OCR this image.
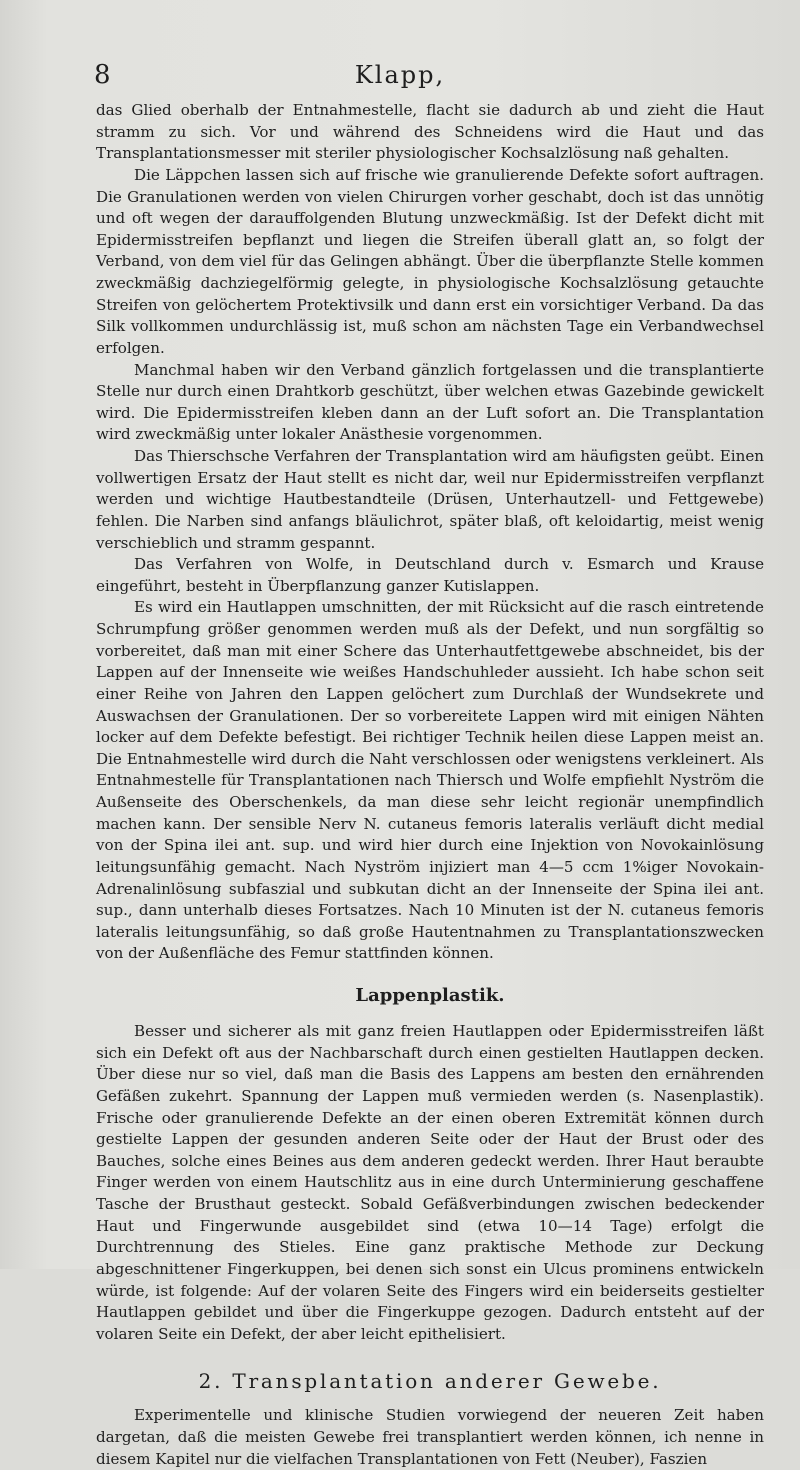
8	Klapp,

das Glied oberhalb der Entnahmestelle, flacht sie dadurch ab und zieht die Haut stramm zu sich. Vor und während des Schneidens wird die Haut und das Transplantationsmesser mit steriler physiologischer Kochsalzlösung naß gehalten.

Die Läppchen lassen sich auf frische wie granulierende Defekte sofort auftragen. Die Granulationen werden von vielen Chirurgen vorher geschabt, doch ist das unnötig und oft wegen der darauffolgenden Blutung unzweckmäßig. Ist der Defekt dicht mit Epidermisstreifen bepflanzt und liegen die Streifen überall glatt an, so folgt der Verband, von dem viel für das Gelingen abhängt. Über die überpflanzte Stelle kommen zweckmäßig dachziegelförmig gelegte, in physiologische Kochsalzlösung getauchte Streifen von gelöchertem Protektivsilk und dann erst ein vorsichtiger Verband. Da das Silk vollkommen undurchlässig ist, muß schon am nächsten Tage ein Verbandwechsel erfolgen.

Manchmal haben wir den Verband gänzlich fortgelassen und die transplantierte Stelle nur durch einen Drahtkorb geschützt, über welchen etwas Gazebinde gewickelt wird. Die Epidermisstreifen kleben dann an der Luft sofort an. Die Transplantation wird zweckmäßig unter lokaler Anästhesie vorgenommen.

Das Thierschsche Verfahren der Transplantation wird am häufigsten geübt. Einen vollwertigen Ersatz der Haut stellt es nicht dar, weil nur Epidermisstreifen verpflanzt werden und wichtige Hautbestandteile (Drüsen, Unterhautzell- und Fettgewebe) fehlen. Die Narben sind anfangs bläulichrot, später blaß, oft keloidartig, meist wenig verschieblich und stramm gespannt.

Das Verfahren von Wolfe, in Deutschland durch v. Esmarch und Krause eingeführt, besteht in Überpflanzung ganzer Kutislappen.

Es wird ein Hautlappen umschnitten, der mit Rücksicht auf die rasch eintretende Schrumpfung größer genommen werden muß als der Defekt, und nun sorgfältig so vorbereitet, daß man mit einer Schere das Unterhautfettgewebe abschneidet, bis der Lappen auf der Innenseite wie weißes Handschuhleder aussieht. Ich habe schon seit einer Reihe von Jahren den Lappen gelöchert zum Durchlaß der Wundsekrete und Auswachsen der Granulationen. Der so vorbereitete Lappen wird mit einigen Nähten locker auf dem Defekte befestigt. Bei richtiger Technik heilen diese Lappen meist an. Die Entnahmestelle wird durch die Naht verschlossen oder wenigstens verkleinert. Als Entnahmestelle für Transplantationen nach Thiersch und Wolfe empfiehlt Nyström die Außenseite des Oberschenkels, da man diese sehr leicht regionär unempfindlich machen kann. Der sensible Nerv N. cutaneus femoris lateralis verläuft dicht medial von der Spina ilei ant. sup. und wird hier durch eine Injektion von Novokainlösung leitungsunfähig gemacht. Nach Nyström injiziert man 4—5 ccm 1%iger Novokain-Adrenalinlösung subfaszial und subkutan dicht an der Innenseite der Spina ilei ant. sup., dann unterhalb dieses Fortsatzes. Nach 10 Minuten ist der N. cutaneus femoris lateralis leitungsunfähig, so daß große Hautentnahmen zu Transplantationszwecken von der Außenfläche des Femur stattfinden können.

Lappenplastik.

Besser und sicherer als mit ganz freien Hautlappen oder Epidermisstreifen läßt sich ein Defekt oft aus der Nachbarschaft durch einen gestielten Hautlappen decken. Über diese nur so viel, daß man die Basis des Lappens am besten den ernährenden Gefäßen zukehrt. Spannung der Lappen muß vermieden werden (s. Nasenplastik). Frische oder granulierende Defekte an der einen oberen Extremität können durch gestielte Lappen der gesunden anderen Seite oder der Haut der Brust oder des Bauches, solche eines Beines aus dem anderen gedeckt werden. Ihrer Haut beraubte Finger werden von einem Hautschlitz aus in eine durch Unterminierung geschaffene Tasche der Brusthaut gesteckt. Sobald Gefäßverbindungen zwischen bedeckender Haut und Fingerwunde ausgebildet sind (etwa 10—14 Tage) erfolgt die Durchtrennung des Stieles. Eine ganz praktische Methode zur Deckung abgeschnittener Fingerkuppen, bei denen sich sonst ein Ulcus prominens entwickeln würde, ist folgende: Auf der volaren Seite des Fingers wird ein beiderseits gestielter Hautlappen gebildet und über die Fingerkuppe gezogen. Dadurch entsteht auf der volaren Seite ein Defekt, der aber leicht epithelisiert.

2. Transplantation anderer Gewebe.

Experimentelle und klinische Studien vorwiegend der neueren Zeit haben dargetan, daß die meisten Gewebe frei transplantiert werden können, ich nenne in diesem Kapitel nur die vielfachen Transplantationen von Fett (Neuber), Faszien
